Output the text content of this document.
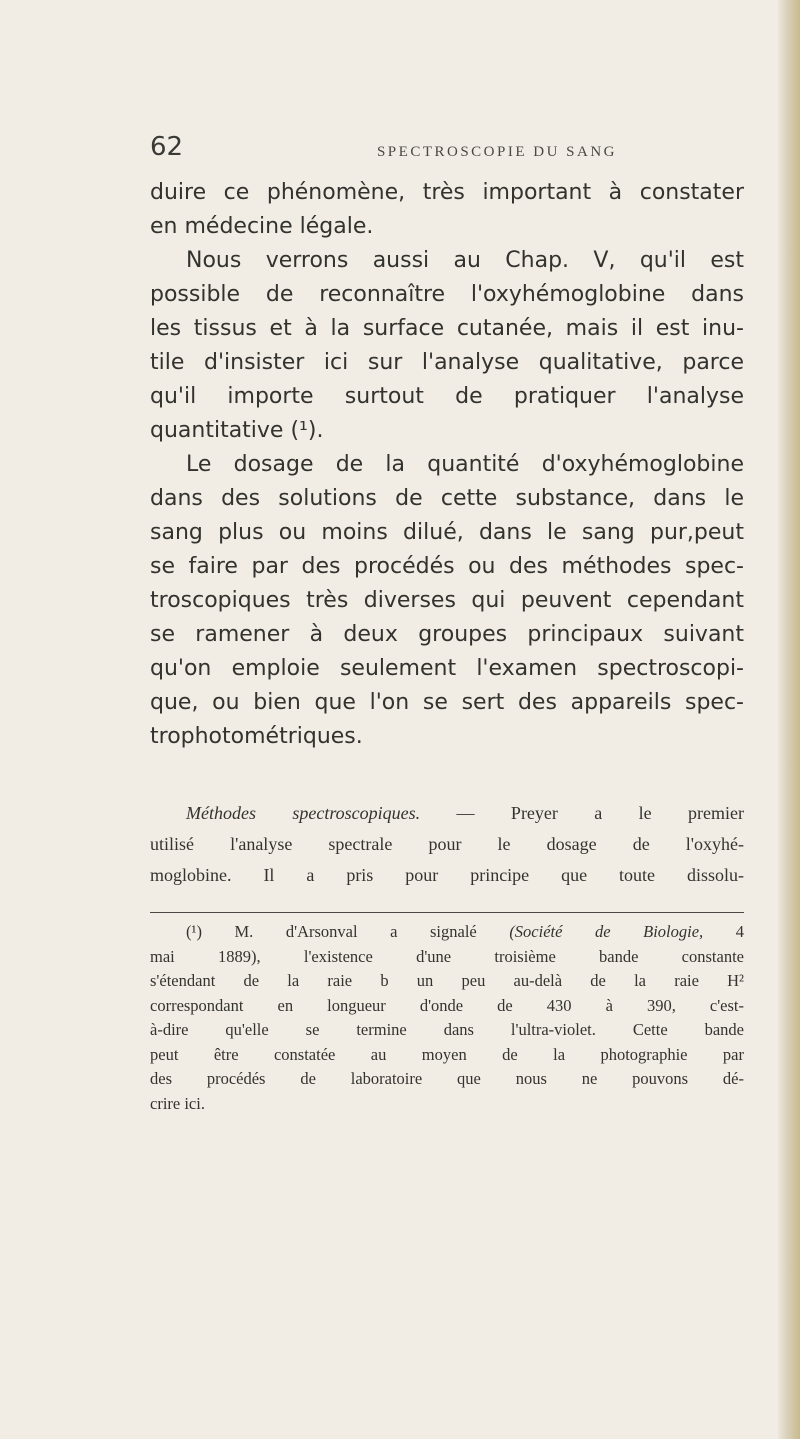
62	SPECTROSCOPIE DU SANG
duire ce phénomène, très important à constater
en médecine légale.
Nous verrons aussi au Chap. V, qu'il est
possible de reconnaître l'oxyhémoglobine dans
les tissus et à la surface cutanée, mais il est inu-
tile d'insister ici sur l'analyse qualitative, parce
qu'il importe surtout de pratiquer l'analyse
quantitative (¹).
Le dosage de la quantité d'oxyhémoglobine
dans des solutions de cette substance, dans le
sang plus ou moins dilué, dans le sang pur,peut
se faire par des procédés ou des méthodes spec-
troscopiques très diverses qui peuvent cependant
se ramener à deux groupes principaux suivant
qu'on emploie seulement l'examen spectroscopi-
que, ou bien que l'on se sert des appareils spec-
trophotométriques.
Méthodes spectroscopiques. — Preyer a le premier
utilisé l'analyse spectrale pour le dosage de l'oxyhé-
moglobine. Il a pris pour principe que toute dissolu-
(¹) M. d'Arsonval a signalé (Société de Biologie, 4
mai 1889), l'existence d'une troisième bande constante
s'étendant de la raie b un peu au-delà de la raie H²
correspondant en longueur d'onde de 430 à 390, c'est-
à-dire qu'elle se termine dans l'ultra-violet. Cette bande
peut être constatée au moyen de la photographie par
des procédés de laboratoire que nous ne pouvons dé-
crire ici.
